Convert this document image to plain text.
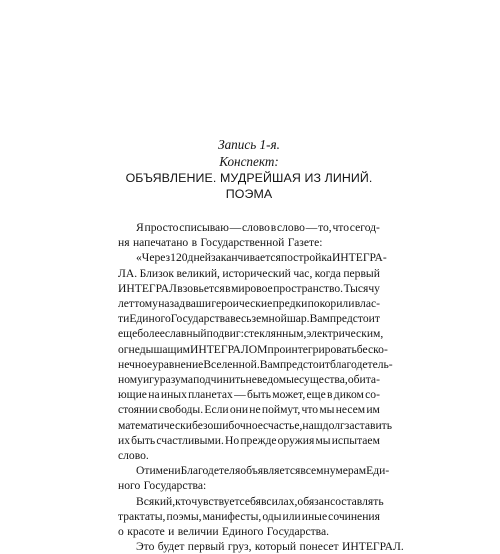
Запись 1-я.
Конспект:
ОБЪЯВЛЕНИЕ. МУДРЕЙШАЯ ИЗ ЛИНИЙ.
ПОЭМА
Я просто списываю — слово в слово — то, что сегод-
ня напечатано в Государственной Газете:
«Через 120 дней заканчивается постройка ИНТЕГРА-
ЛА. Близок великий, исторический час, когда первый
ИНТЕГРАЛ взовьется в мировое пространство. Тысячу
лет тому назад ваши героические предки покорили влас-
ти Единого Государства весь земной шар. Вам предстоит
еще более славный подвиг: стеклянным, электрическим,
огнедышащим ИНТЕГРАЛОМ проинтегрировать беско-
нечное уравнение Вселенной. Вам предстоит благодетель-
ному игу разума подчинить неведомые существа, обита-
ющие на иных планетах — быть может, еще в диком со-
стоянии свободы. Если они не поймут, что мы несем им
математически безошибочное счастье, наш долг заставить
их быть счастливыми. Но прежде оружия мы испытаем
слово.
От имени Благодетеля объявляется всем нумерам Еди-
ного Государства:
Всякий, кто чувствует себя в силах, обязан составлять
трактаты, поэмы, манифесты, оды или иные сочинения
о красоте и величии Единого Государства.
Это будет первый груз, который понесет ИНТЕГРАЛ.
